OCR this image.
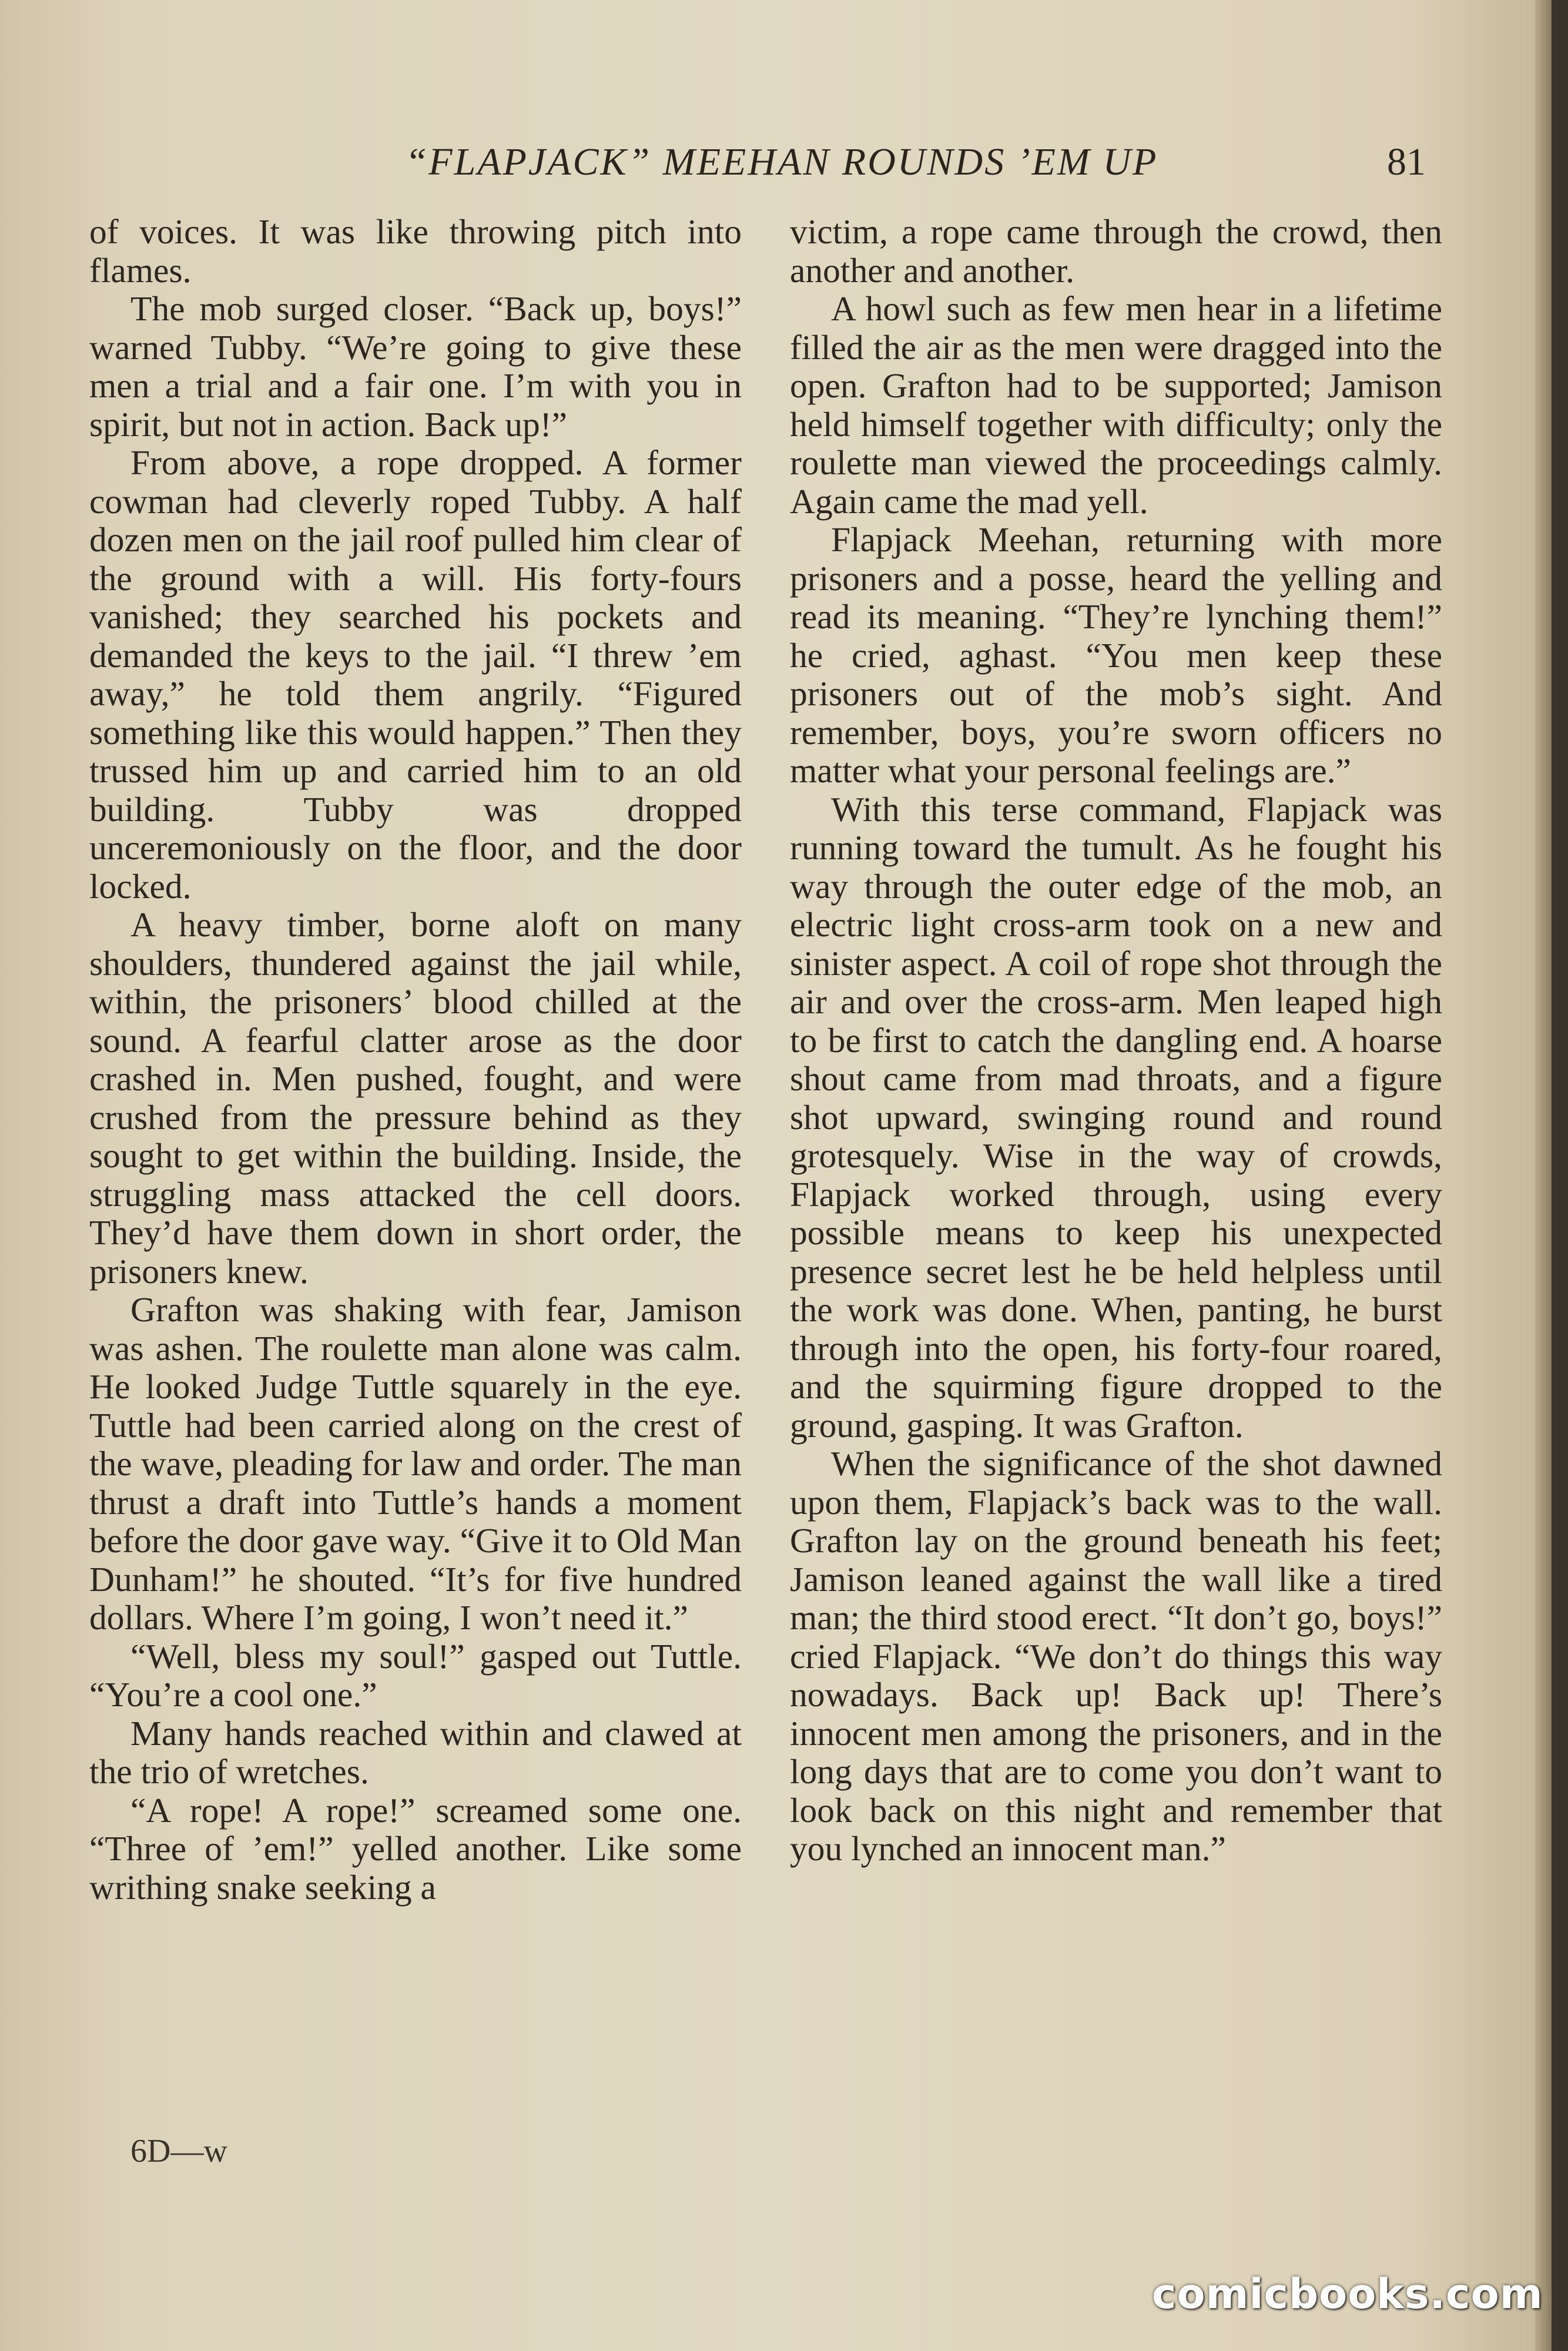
“FLAPJACK” MEEHAN ROUNDS ’EM UP	81

of voices. It was like throwing pitch into flames.

The mob surged closer. “Back up, boys!” warned Tubby. “We’re going to give these men a trial and a fair one. I’m with you in spirit, but not in action. Back up!”

From above, a rope dropped. A former cowman had cleverly roped Tubby. A half dozen men on the jail roof pulled him clear of the ground with a will. His forty-fours vanished; they searched his pockets and demanded the keys to the jail. “I threw ’em away,” he told them angrily. “Figured something like this would happen.” Then they trussed him up and carried him to an old building. Tubby was dropped unceremoniously on the floor, and the door locked.

A heavy timber, borne aloft on many shoulders, thundered against the jail while, within, the prisoners’ blood chilled at the sound. A fearful clatter arose as the door crashed in. Men pushed, fought, and were crushed from the pressure behind as they sought to get within the building. Inside, the struggling mass attacked the cell doors. They’d have them down in short order, the prisoners knew.

Grafton was shaking with fear, Jamison was ashen. The roulette man alone was calm. He looked Judge Tuttle squarely in the eye. Tuttle had been carried along on the crest of the wave, pleading for law and order. The man thrust a draft into Tuttle’s hands a moment before the door gave way. “Give it to Old Man Dunham!” he shouted. “It’s for five hundred dollars. Where I’m going, I won’t need it.”

“Well, bless my soul!” gasped out Tuttle. “You’re a cool one.”

Many hands reached within and clawed at the trio of wretches.

“A rope! A rope!” screamed some one. “Three of ’em!” yelled another. Like some writhing snake seeking a

victim, a rope came through the crowd, then another and another.

A howl such as few men hear in a lifetime filled the air as the men were dragged into the open. Grafton had to be supported; Jamison held himself together with difficulty; only the roulette man viewed the proceedings calmly. Again came the mad yell.

Flapjack Meehan, returning with more prisoners and a posse, heard the yelling and read its meaning. “They’re lynching them!” he cried, aghast. “You men keep these prisoners out of the mob’s sight. And remember, boys, you’re sworn officers no matter what your personal feelings are.”

With this terse command, Flapjack was running toward the tumult. As he fought his way through the outer edge of the mob, an electric light cross-arm took on a new and sinister aspect. A coil of rope shot through the air and over the cross-arm. Men leaped high to be first to catch the dangling end. A hoarse shout came from mad throats, and a figure shot upward, swinging round and round grotesquely. Wise in the way of crowds, Flapjack worked through, using every possible means to keep his unexpected presence secret lest he be held helpless until the work was done. When, panting, he burst through into the open, his forty-four roared, and the squirming figure dropped to the ground, gasping. It was Grafton.

When the significance of the shot dawned upon them, Flapjack’s back was to the wall. Grafton lay on the ground beneath his feet; Jamison leaned against the wall like a tired man; the third stood erect. “It don’t go, boys!” cried Flapjack. “We don’t do things this way nowadays. Back up! Back up! There’s innocent men among the prisoners, and in the long days that are to come you don’t want to look back on this night and remember that you lynched an innocent man.”

6D—w
comicbooks.com
